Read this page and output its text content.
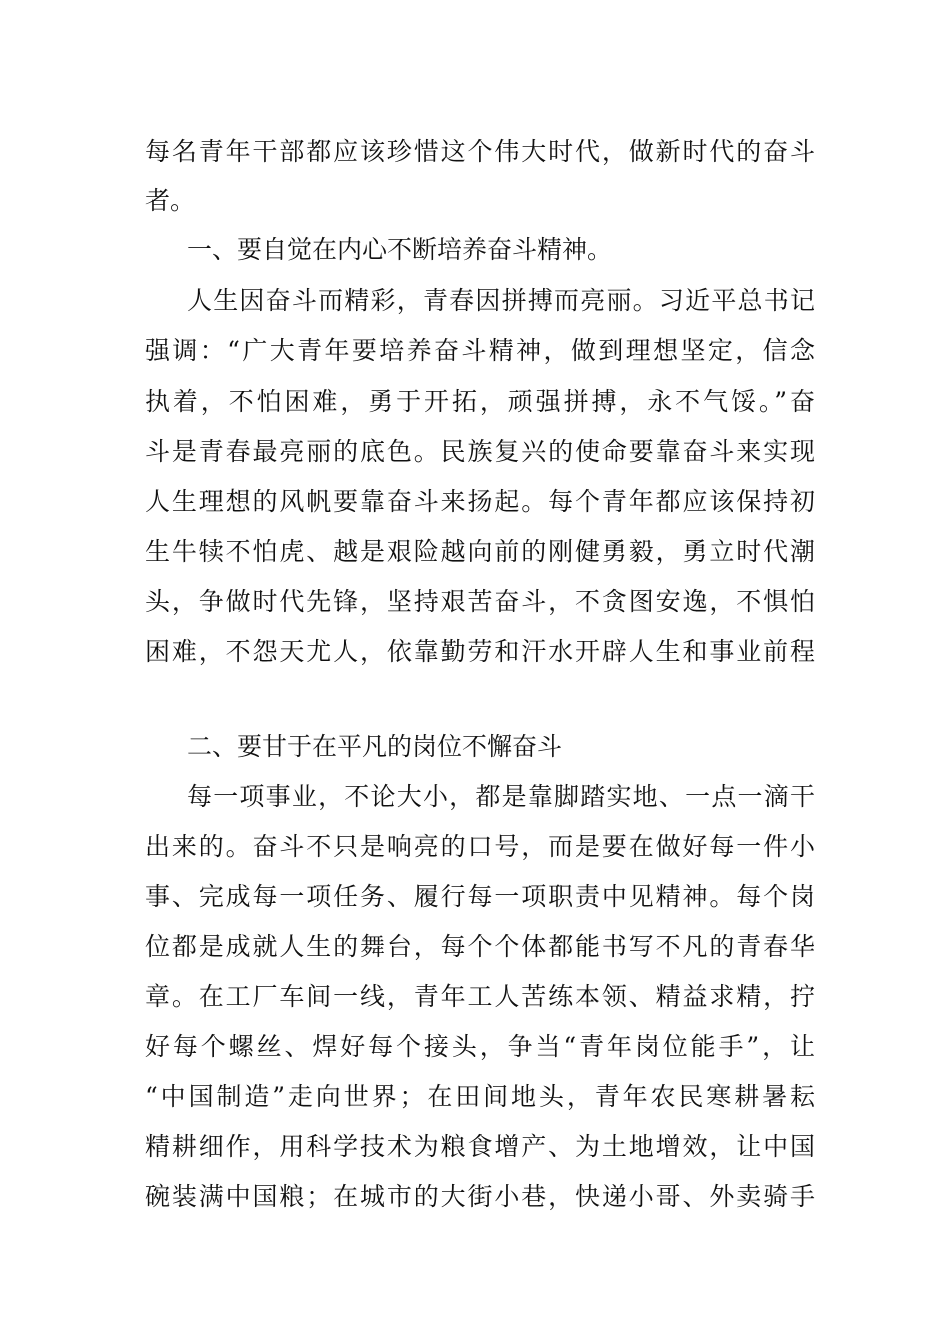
每名青年干部都应该珍惜这个伟大时代，做新时代的奋斗
者。
一、要自觉在内心不断培养奋斗精神。
人生因奋斗而精彩，青春因拼搏而亮丽。习近平总书记
强调：“广大青年要培养奋斗精神，做到理想坚定，信念
执着，不怕困难，勇于开拓，顽强拼搏，永不气馁。”奋
斗是青春最亮丽的底色。民族复兴的使命要靠奋斗来实现
人生理想的风帆要靠奋斗来扬起。每个青年都应该保持初
生牛犊不怕虎、越是艰险越向前的刚健勇毅，勇立时代潮
头，争做时代先锋，坚持艰苦奋斗，不贪图安逸，不惧怕
困难，不怨天尤人，依靠勤劳和汗水开辟人生和事业前程
二、要甘于在平凡的岗位不懈奋斗
每一项事业，不论大小，都是靠脚踏实地、一点一滴干
出来的。奋斗不只是响亮的口号，而是要在做好每一件小
事、完成每一项任务、履行每一项职责中见精神。每个岗
位都是成就人生的舞台，每个个体都能书写不凡的青春华
章。在工厂车间一线，青年工人苦练本领、精益求精，拧
好每个螺丝、焊好每个接头，争当“青年岗位能手”，让
“中国制造”走向世界；在田间地头，青年农民寒耕暑耘
精耕细作，用科学技术为粮食增产、为土地增效，让中国
碗装满中国粮；在城市的大街小巷，快递小哥、外卖骑手
